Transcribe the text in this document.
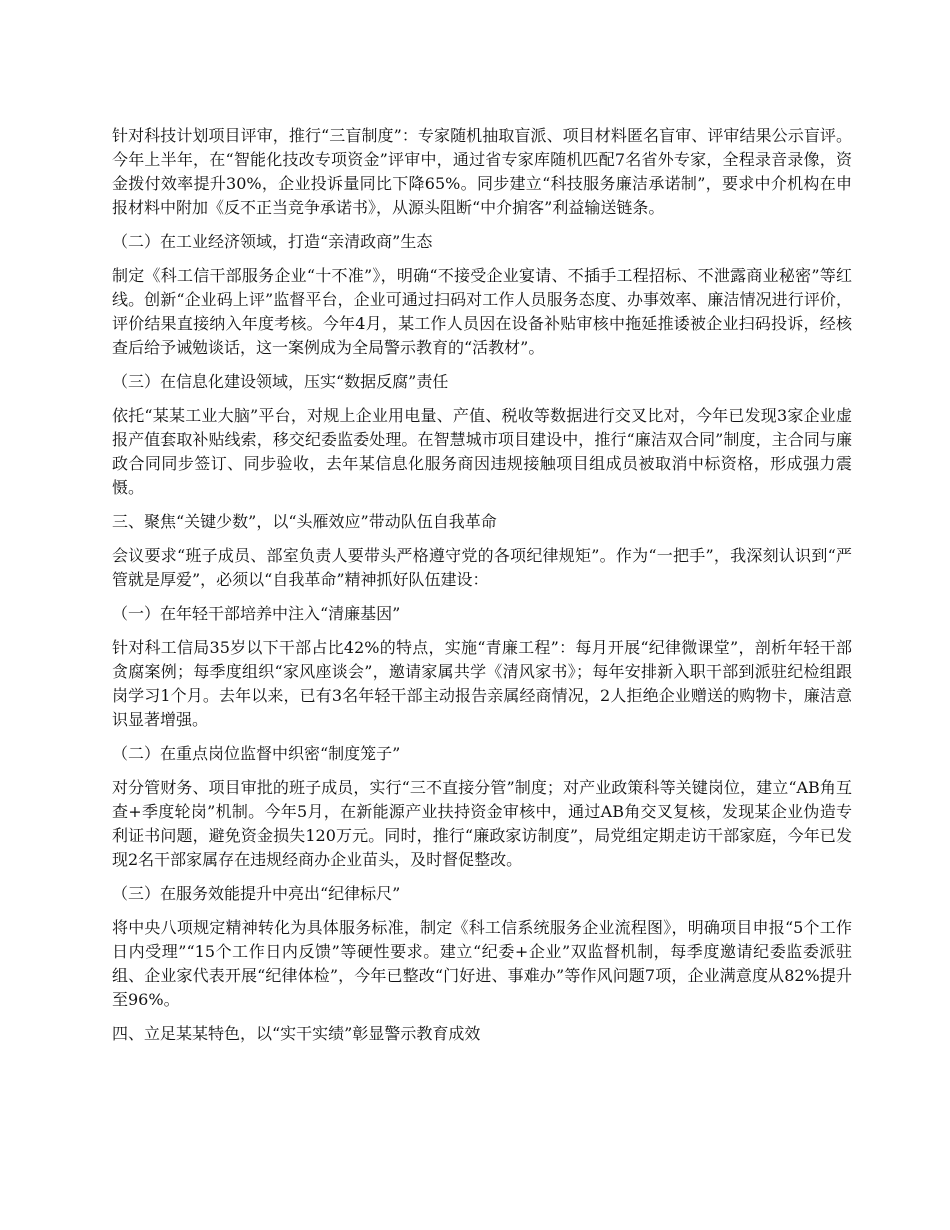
针对科技计划项目评审，推行“三盲制度”：专家随机抽取盲派、项目材料匿名盲审、评审结果公示盲评。今年上半年，在“智能化技改专项资金”评审中，通过省专家库随机匹配7名省外专家，全程录音录像，资金拨付效率提升30%，企业投诉量同比下降65%。同步建立“科技服务廉洁承诺制”，要求中介机构在申报材料中附加《反不正当竞争承诺书》，从源头阻断“中介掮客”利益输送链条。

（二）在工业经济领域，打造“亲清政商”生态

制定《科工信干部服务企业“十不准”》，明确“不接受企业宴请、不插手工程招标、不泄露商业秘密”等红线。创新“企业码上评”监督平台，企业可通过扫码对工作人员服务态度、办事效率、廉洁情况进行评价，评价结果直接纳入年度考核。今年4月，某工作人员因在设备补贴审核中拖延推诿被企业扫码投诉，经核查后给予诫勉谈话，这一案例成为全局警示教育的“活教材”。

（三）在信息化建设领域，压实“数据反腐”责任

依托“某某工业大脑”平台，对规上企业用电量、产值、税收等数据进行交叉比对，今年已发现3家企业虚报产值套取补贴线索，移交纪委监委处理。在智慧城市项目建设中，推行“廉洁双合同”制度，主合同与廉政合同同步签订、同步验收，去年某信息化服务商因违规接触项目组成员被取消中标资格，形成强力震慑。

三、聚焦“关键少数”，以“头雁效应”带动队伍自我革命

会议要求“班子成员、部室负责人要带头严格遵守党的各项纪律规矩”。作为“一把手”，我深刻认识到“严管就是厚爱”，必须以“自我革命”精神抓好队伍建设：

（一）在年轻干部培养中注入“清廉基因”

针对科工信局35岁以下干部占比42%的特点，实施“青廉工程”：每月开展“纪律微课堂”，剖析年轻干部贪腐案例；每季度组织“家风座谈会”，邀请家属共学《清风家书》；每年安排新入职干部到派驻纪检组跟岗学习1个月。去年以来，已有3名年轻干部主动报告亲属经商情况，2人拒绝企业赠送的购物卡，廉洁意识显著增强。

（二）在重点岗位监督中织密“制度笼子”

对分管财务、项目审批的班子成员，实行“三不直接分管”制度；对产业政策科等关键岗位，建立“AB角互查+季度轮岗”机制。今年5月，在新能源产业扶持资金审核中，通过AB角交叉复核，发现某企业伪造专利证书问题，避免资金损失120万元。同时，推行“廉政家访制度”，局党组定期走访干部家庭，今年已发现2名干部家属存在违规经商办企业苗头，及时督促整改。

（三）在服务效能提升中亮出“纪律标尺”

将中央八项规定精神转化为具体服务标准，制定《科工信系统服务企业流程图》，明确项目申报“5个工作日内受理”“15个工作日内反馈”等硬性要求。建立“纪委+企业”双监督机制，每季度邀请纪委监委派驻组、企业家代表开展“纪律体检”，今年已整改“门好进、事难办”等作风问题7项，企业满意度从82%提升至96%。

四、立足某某特色，以“实干实绩”彰显警示教育成效
